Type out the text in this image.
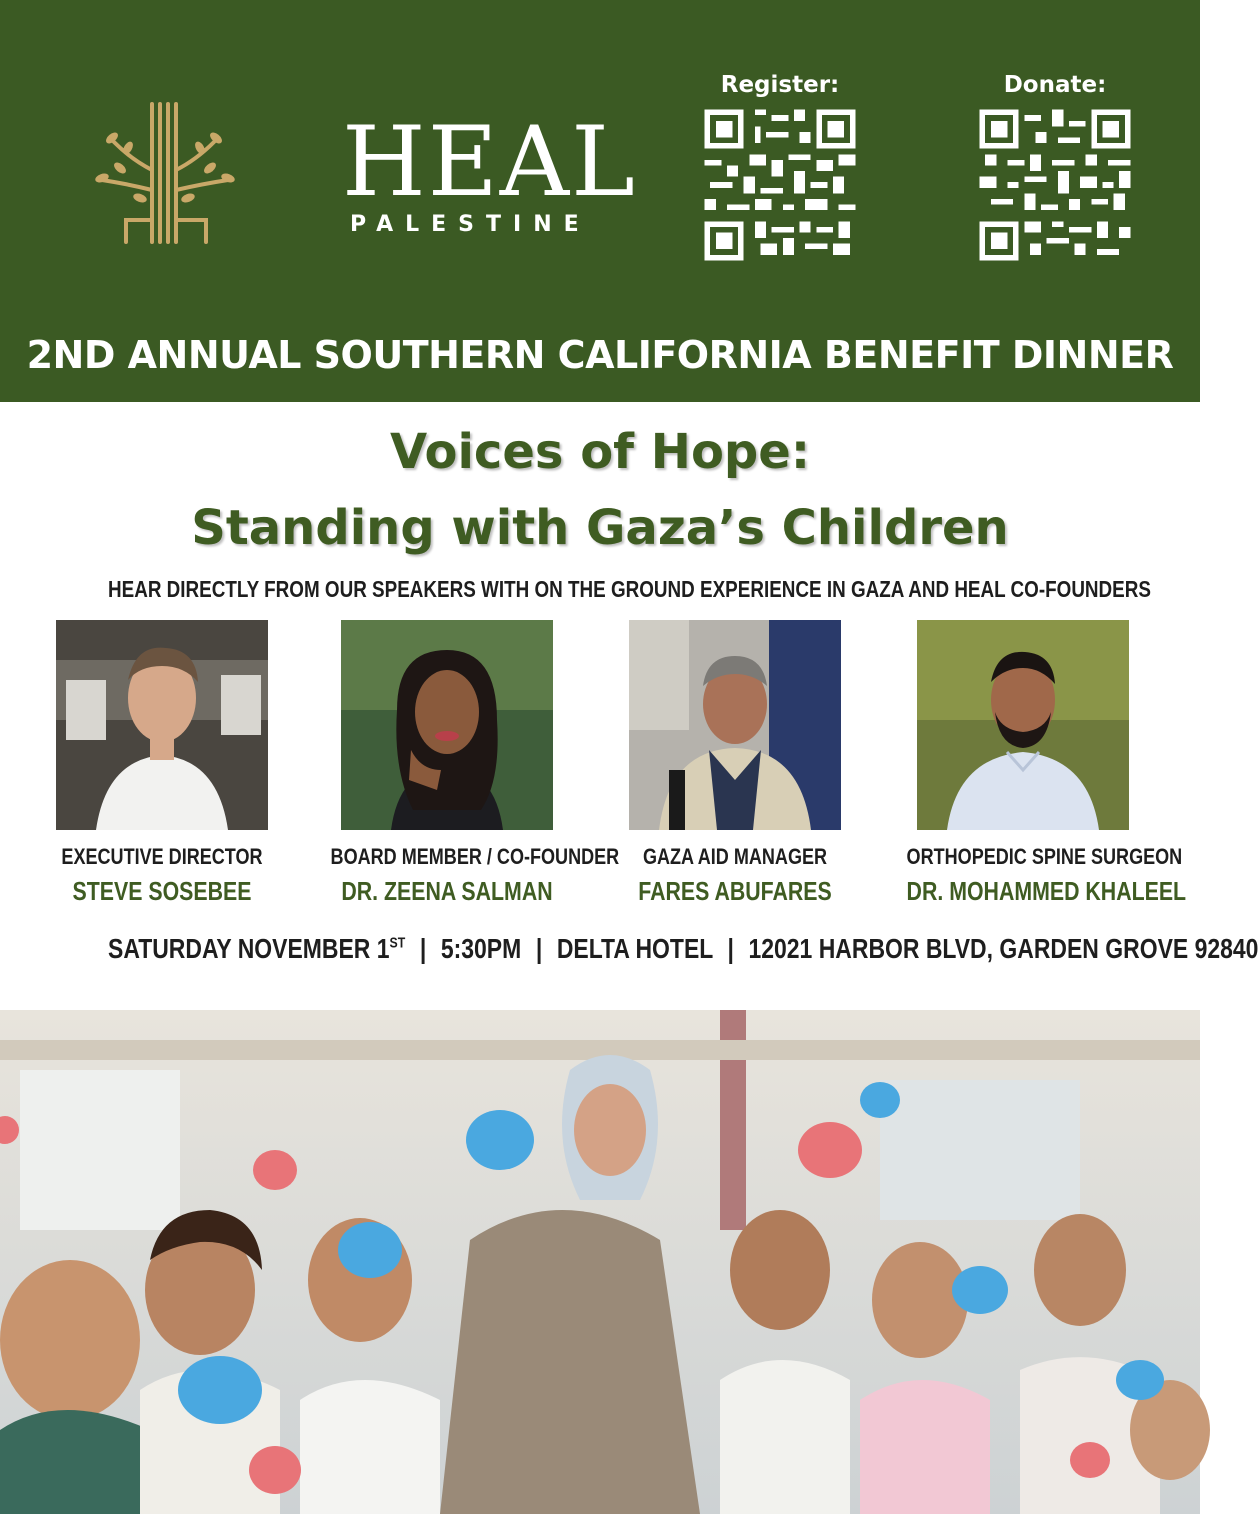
HEAL
PALESTINE
Register:	Donate:
2ND ANNUAL SOUTHERN CALIFORNIA BENEFIT DINNER
Voices of Hope:
Standing with Gaza’s Children
HEAR DIRECTLY FROM OUR SPEAKERS WITH ON THE GROUND EXPERIENCE IN GAZA AND HEAL CO-FOUNDERS
EXECUTIVE DIRECTOR
STEVE SOSEBEE
BOARD MEMBER / CO-FOUNDER
DR. ZEENA SALMAN
GAZA AID MANAGER
FARES ABUFARES
ORTHOPEDIC SPINE SURGEON
DR. MOHAMMED KHALEEL
SATURDAY NOVEMBER 1ST | 5:30PM | DELTA HOTEL | 12021 HARBOR BLVD, GARDEN GROVE 92840
